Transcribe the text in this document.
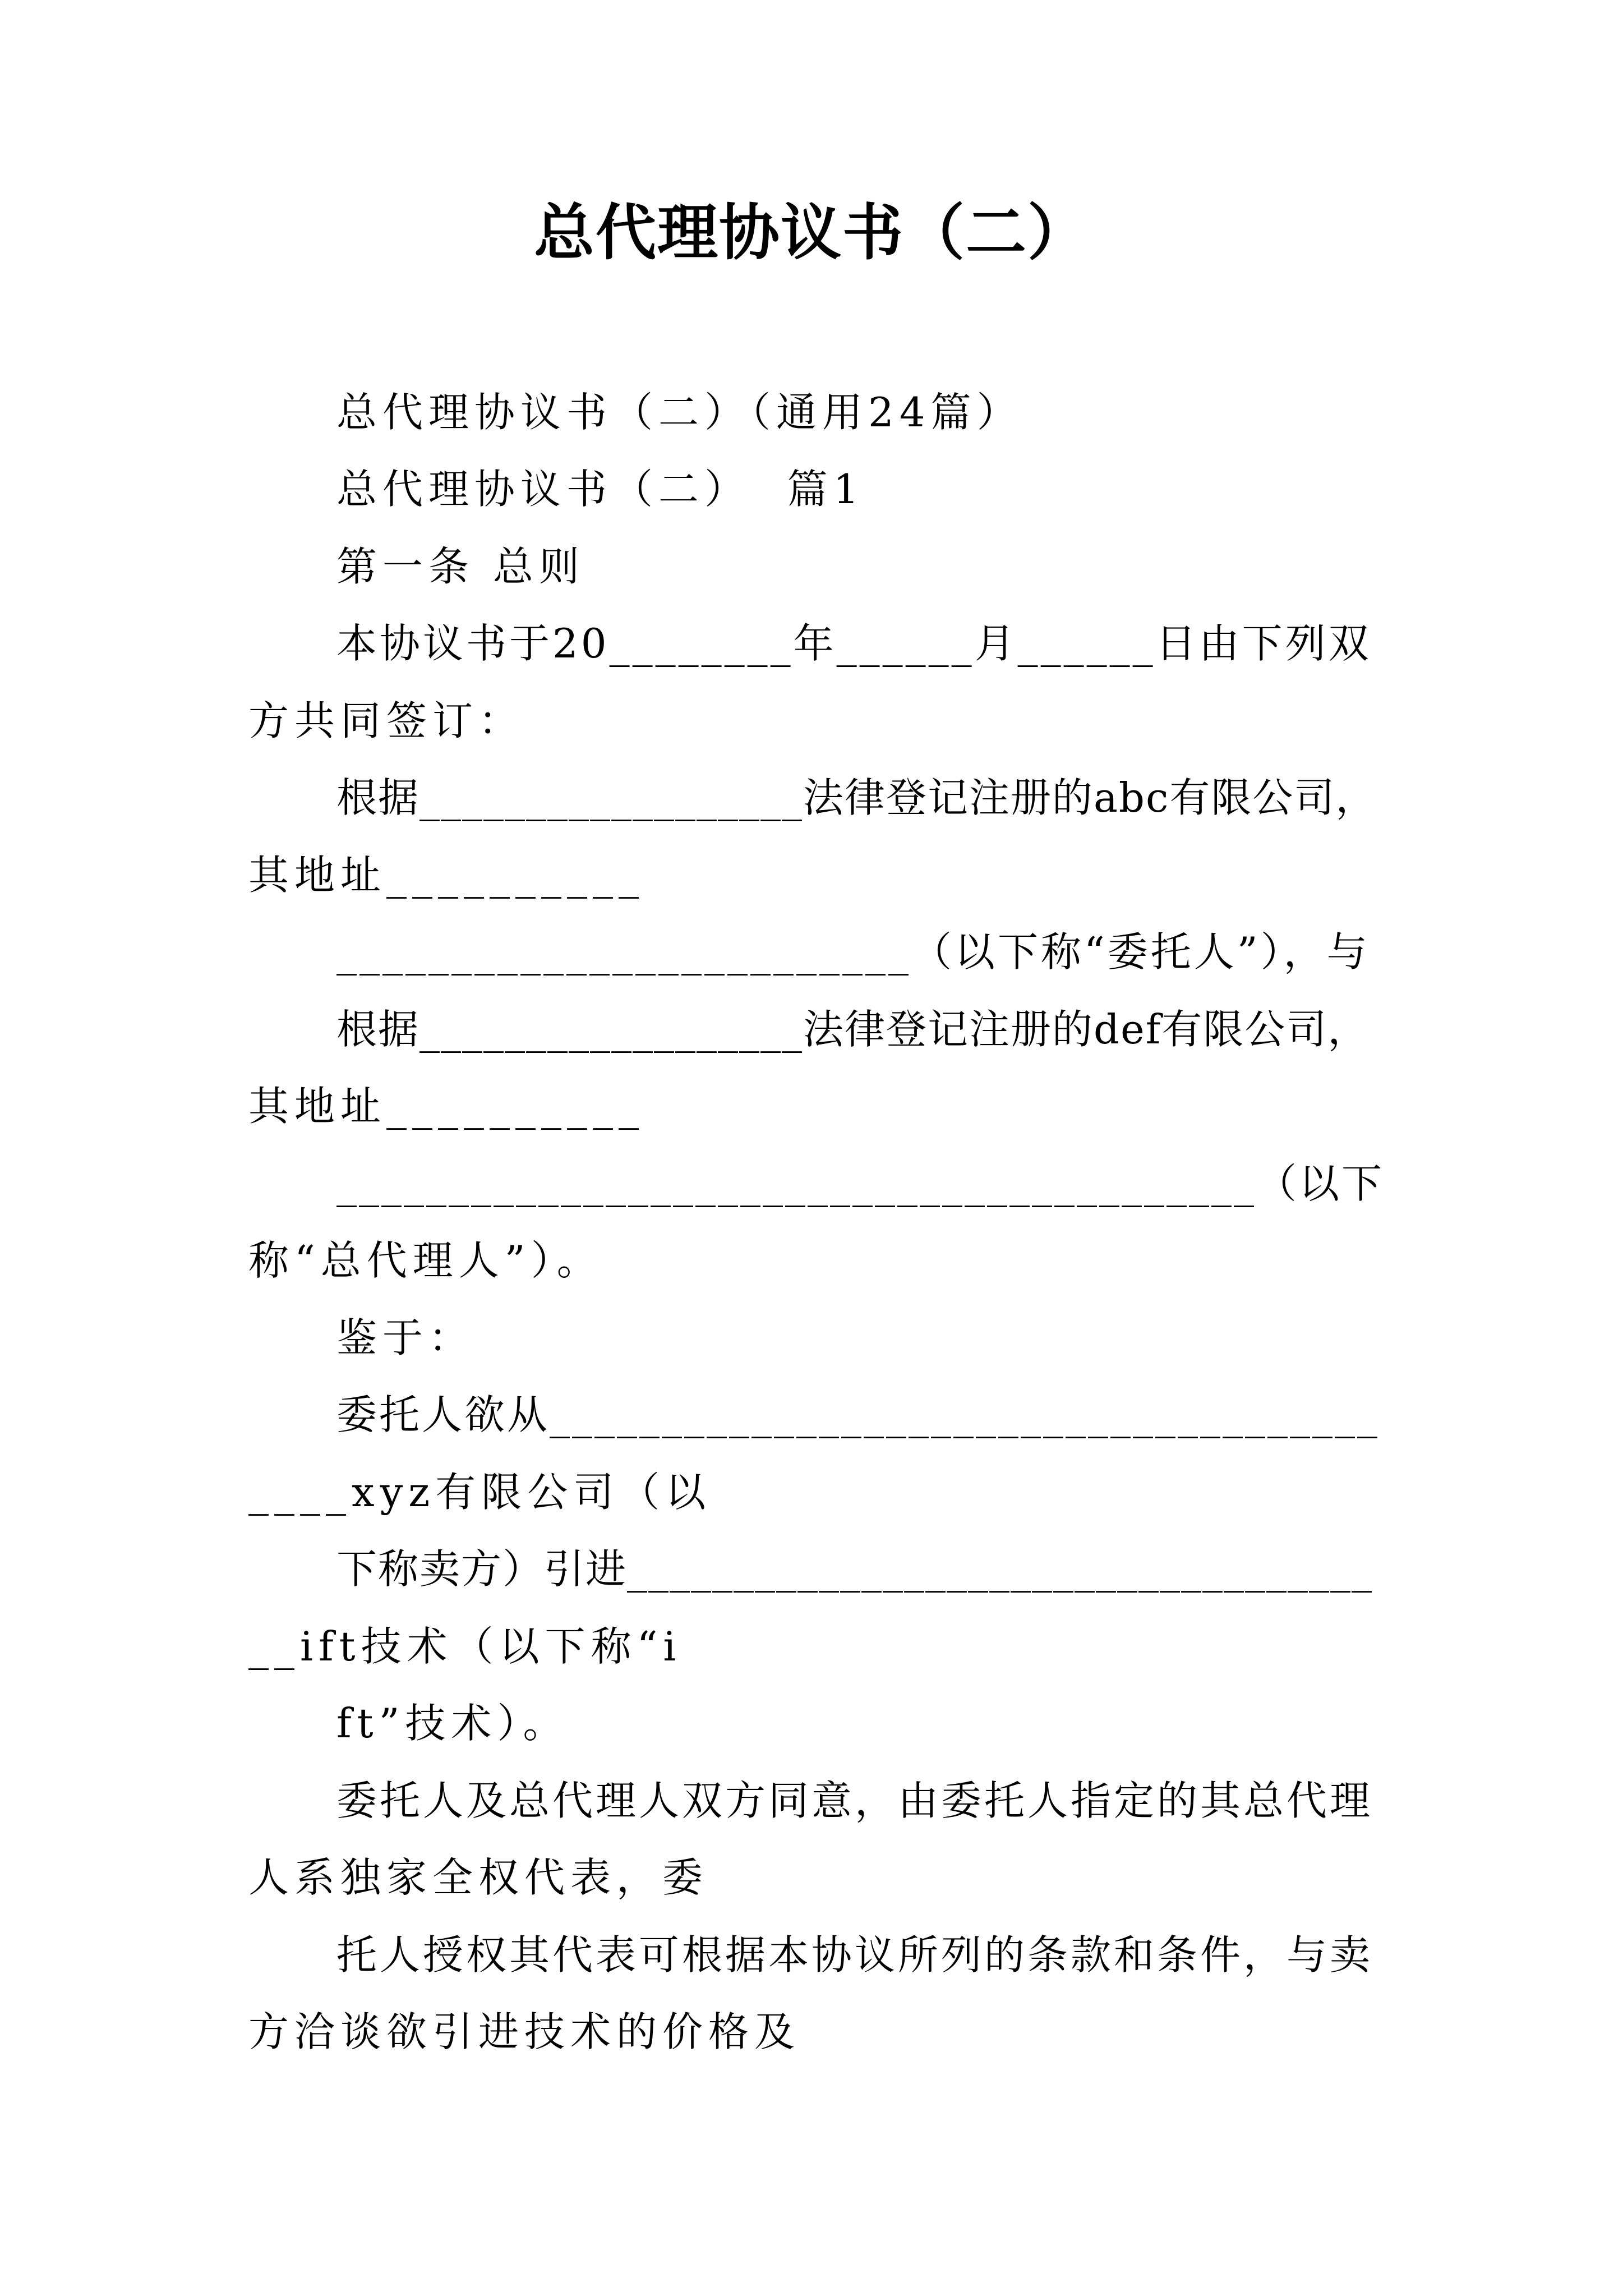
总代理协议书（二）
总代理协议书（二）（通用24篇）
总代理协议书（二）  篇1
第一条 总则
本协议书于20________年______月______日由下列双
方共同签订：
根据__________________法律登记注册的abc有限公司，
其地址__________
_________________________（以下称“委托人”），与
根据__________________法律登记注册的def有限公司，
其地址__________
_________________________________________（以下
称“总代理人”）。
鉴于：
委托人欲从_____________________________________
____xyz有限公司（以
下称卖方）引进___________________________________
__ift技术（以下称“i
ft”技术）。
委托人及总代理人双方同意，由委托人指定的其总代理
人系独家全权代表，委
托人授权其代表可根据本协议所列的条款和条件，与卖
方洽谈欲引进技术的价格及
